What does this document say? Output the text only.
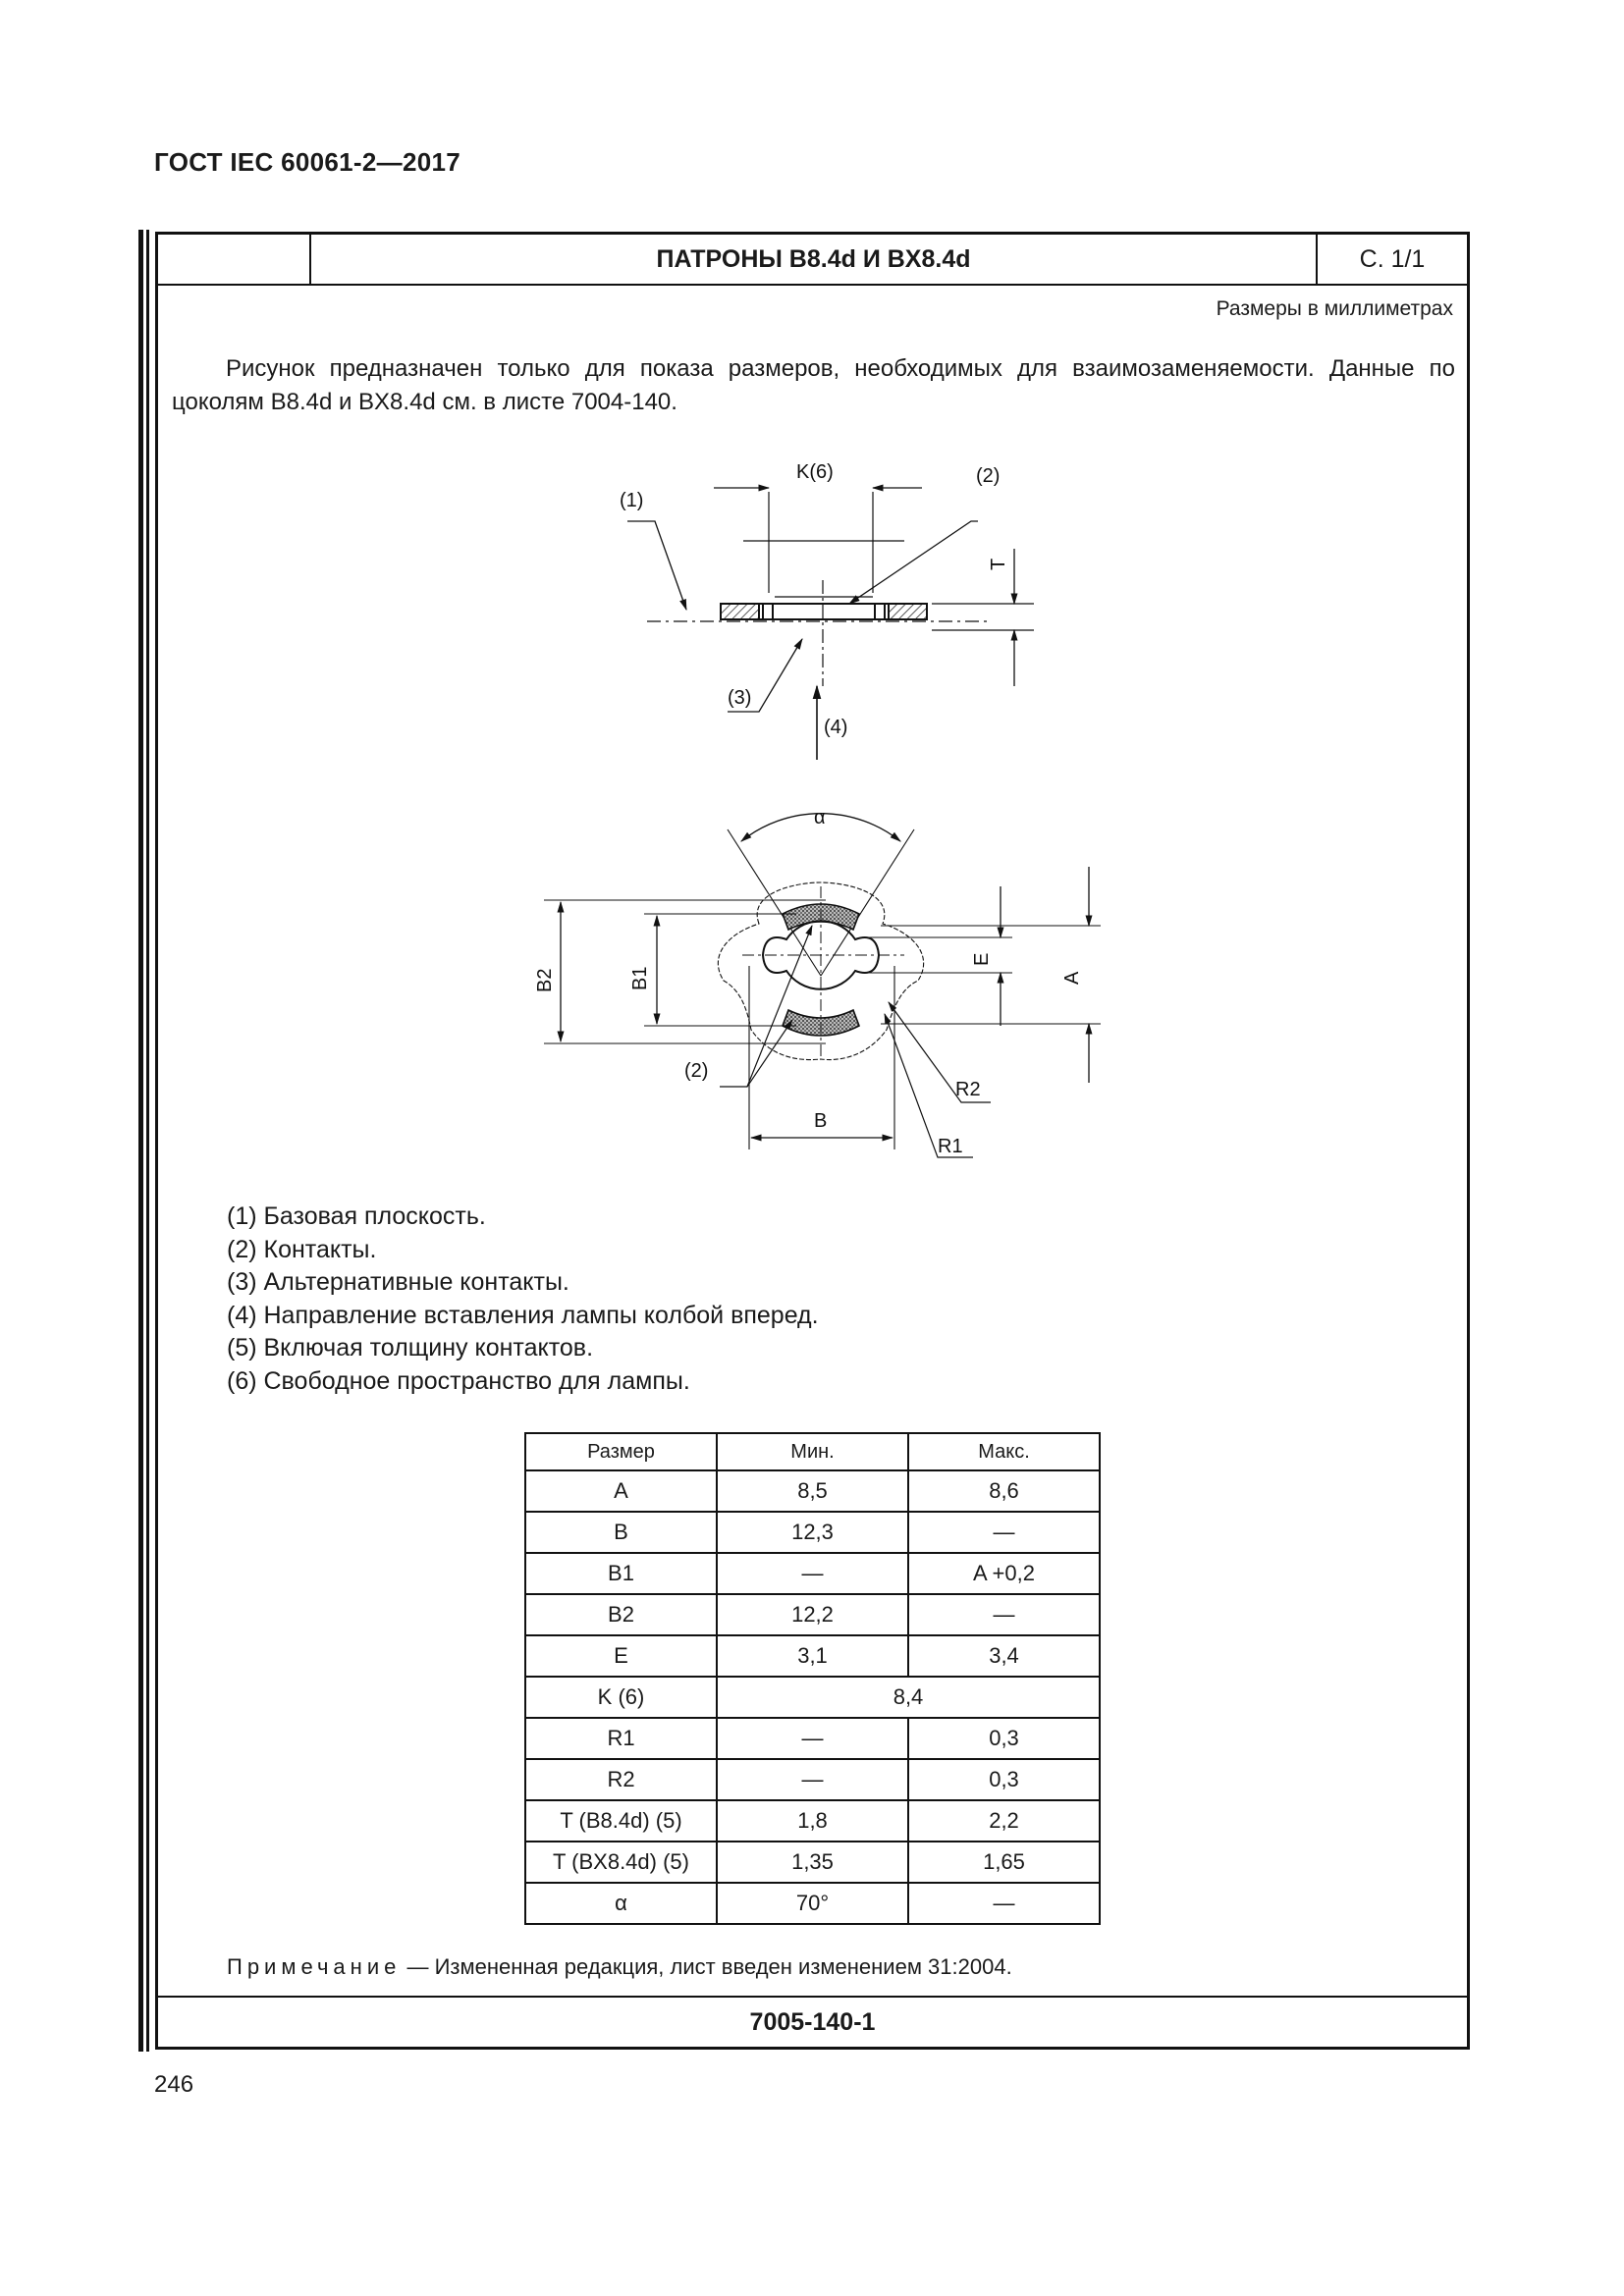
ГОСТ IEC 60061-2—2017
ПАТРОНЫ B8.4d И BX8.4d	С. 1/1
Размеры в миллиметрах
Рисунок предназначен только для показа размеров, необходимых для взаимозаменяемости. Данные по цоколям B8.4d и BX8.4d см. в листе 7004-140.
(1)
K(6)	(2)
T
(3)
(4)
α
B2	B1
E
A
B
(2)
R2
R1
(1) Базовая плоскость.
(2) Контакты.
(3) Альтернативные контакты.
(4) Направление вставления лампы колбой вперед.
(5) Включая толщину контактов.
(6) Свободное пространство для лампы.
Размер	Мин.	Макс.
A	8,5	8,6
B	12,3	—
B1	—	A +0,2
B2	12,2	—
E	3,1	3,4
K (6)	8,4	
R1	—	0,3
R2	—	0,3
T (B8.4d) (5)	1,8	2,2
T (BX8.4d) (5)	1,35	1,65
α	70°	—
Примечание — Измененная редакция, лист введен изменением 31:2004.
7005-140-1
246
